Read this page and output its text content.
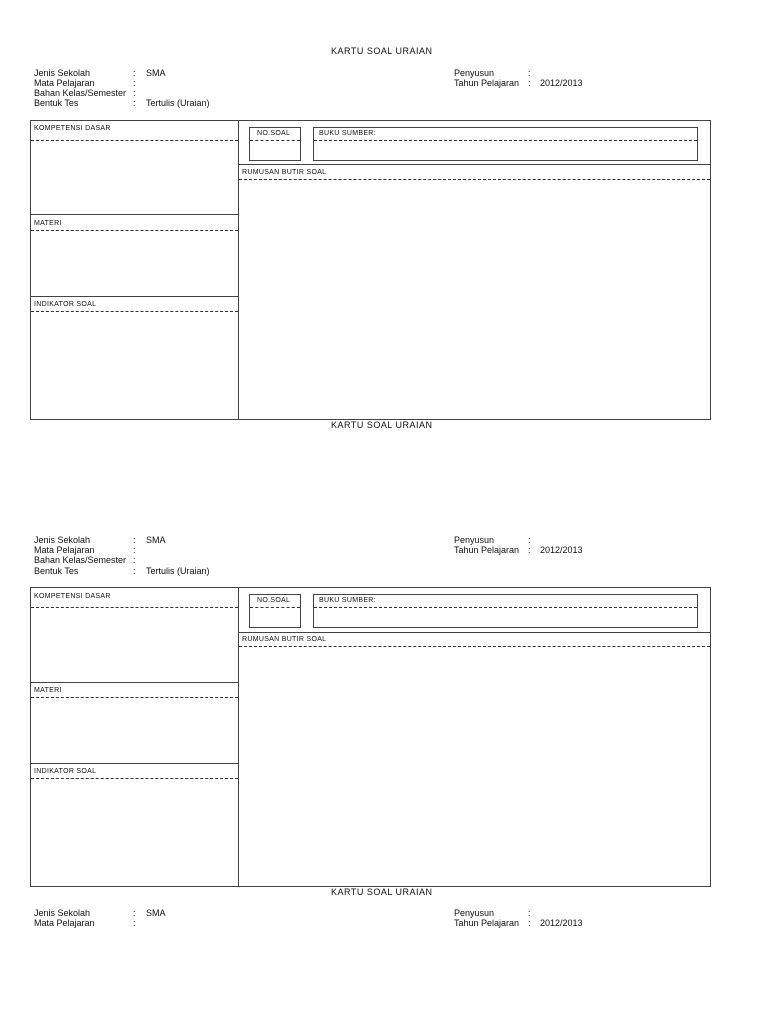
KARTU SOAL URAIAN
Jenis Sekolah	: SMA
Mata Pelajaran	:
Bahan Kelas/Semester :
Bentuk Tes	: Tertulis (Uraian)
Penyusun	:
Tahun Pelajaran : 2012/2013
KOMPETENSI DASAR
MATERI
INDIKATOR SOAL
NO.SOAL	BUKU SUMBER:
RUMUSAN BUTIR SOAL
KARTU SOAL URAIAN
Jenis Sekolah	: SMA
Mata Pelajaran	:
Bahan Kelas/Semester :
Bentuk Tes	: Tertulis (Uraian)
Penyusun	:
Tahun Pelajaran : 2012/2013
KOMPETENSI DASAR
MATERI
INDIKATOR SOAL
NO.SOAL	BUKU SUMBER:
RUMUSAN BUTIR SOAL
KARTU SOAL URAIAN
Jenis Sekolah	: SMA
Mata Pelajaran	:
Penyusun	:
Tahun Pelajaran : 2012/2013
